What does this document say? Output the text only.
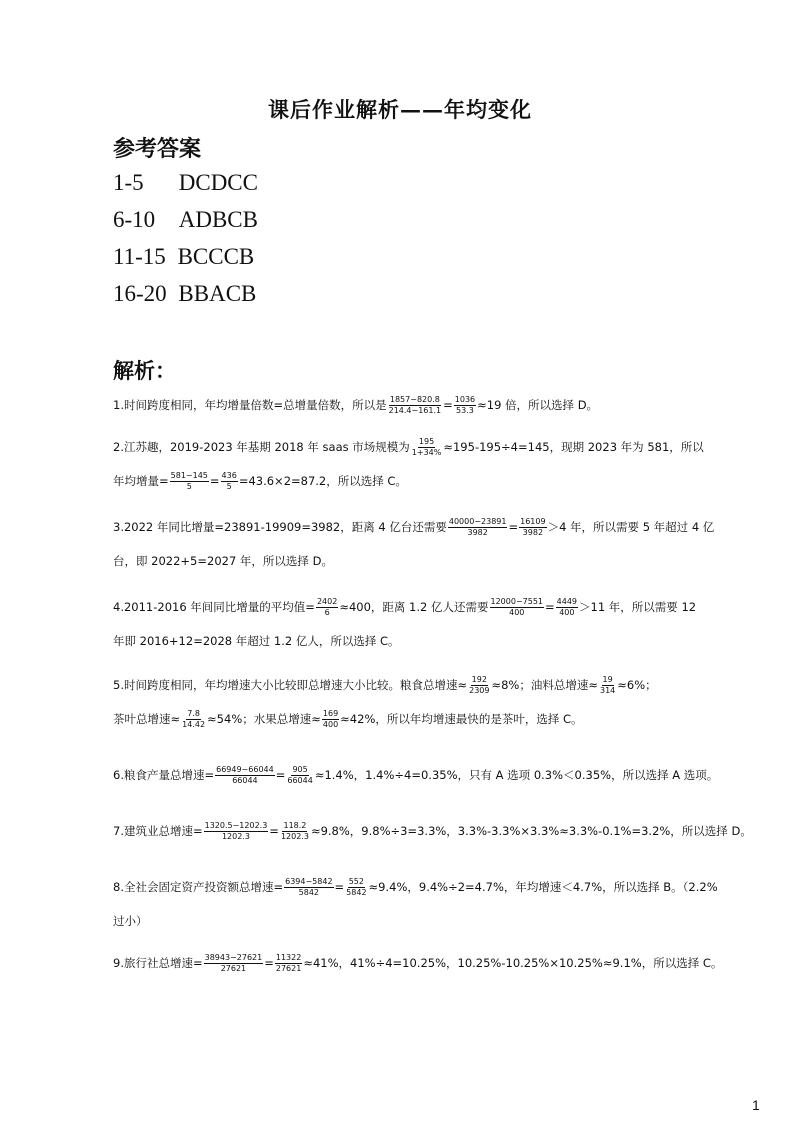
课后作业解析——年均变化
参考答案
1-5 DCDCC
6-10 ADBCB
11-15 BCCCB
16-20 BBACB
解析：
1.时间跨度相同，年均增量倍数=总增量倍数，所以是 $\frac{1857-820.8}{214.4-161.1} = \frac{1036}{53.3} \approx 19$ 倍，所以选择 D。
2.江苏趣，2019-2023 年基期 2018 年 saas 市场规模为 $\frac{195}{1+34\%} \approx 195-195\div 4=145$，现期 2023 年为 581，所以
年均增量= $\frac{581-145}{5} = \frac{436}{5} =43.6\times 2=87.2$，所以选择 C。
3.2022 年同比增量=23891-19909=3982，距离 4 亿台还需要 $\frac{40000-23891}{3982} = \frac{16109}{3982} >4$ 年，所以需要 5 年超过 4 亿
台，即 2022+5=2027 年，所以选择 D。
4.2011-2016 年间同比增量的平均值= $\frac{2402}{6} \approx 400$，距离 1.2 亿人还需要 $\frac{12000-7551}{400} = \frac{4449}{400} >11$ 年，所以需要 12
年即 2016+12=2028 年超过 1.2 亿人，所以选择 C。
5.时间跨度相同，年均增速大小比较即总增速大小比较。粮食总增速≈ $\frac{192}{2309} \approx 8\%$；油料总增速≈ $\frac{19}{314} \approx 6\%$；
茶叶总增速≈ $\frac{7.8}{14.42} \approx 54\%$；水果总增速≈ $\frac{169}{400} \approx 42\%$，所以年均增速最快的是茶叶，选择 C。
6.粮食产量总增速= $\frac{66949-66044}{66044} = \frac{905}{66044} \approx 1.4\%$，1.4%÷4=0.35%，只有 A 选项 0.3%＜0.35%，所以选择 A 选项。
7.建筑业总增速= $\frac{1320.5-1202.3}{1202.3} = \frac{118.2}{1202.3} \approx 9.8\%$，9.8%÷3=3.3%，3.3%-3.3%×3.3%≈3.3%-0.1%=3.2%，所以选择 D。
8.全社会固定资产投资额总增速= $\frac{6394-5842}{5842} = \frac{552}{5842} \approx 9.4\%$，9.4%÷2=4.7%，年均增速＜4.7%，所以选择 B。（2.2%
过小）
9.旅行社总增速= $\frac{38943-27621}{27621} = \frac{11322}{27621} \approx 41\%$，41%÷4=10.25%，10.25%-10.25%×10.25%≈9.1%，所以选择 C。
1
